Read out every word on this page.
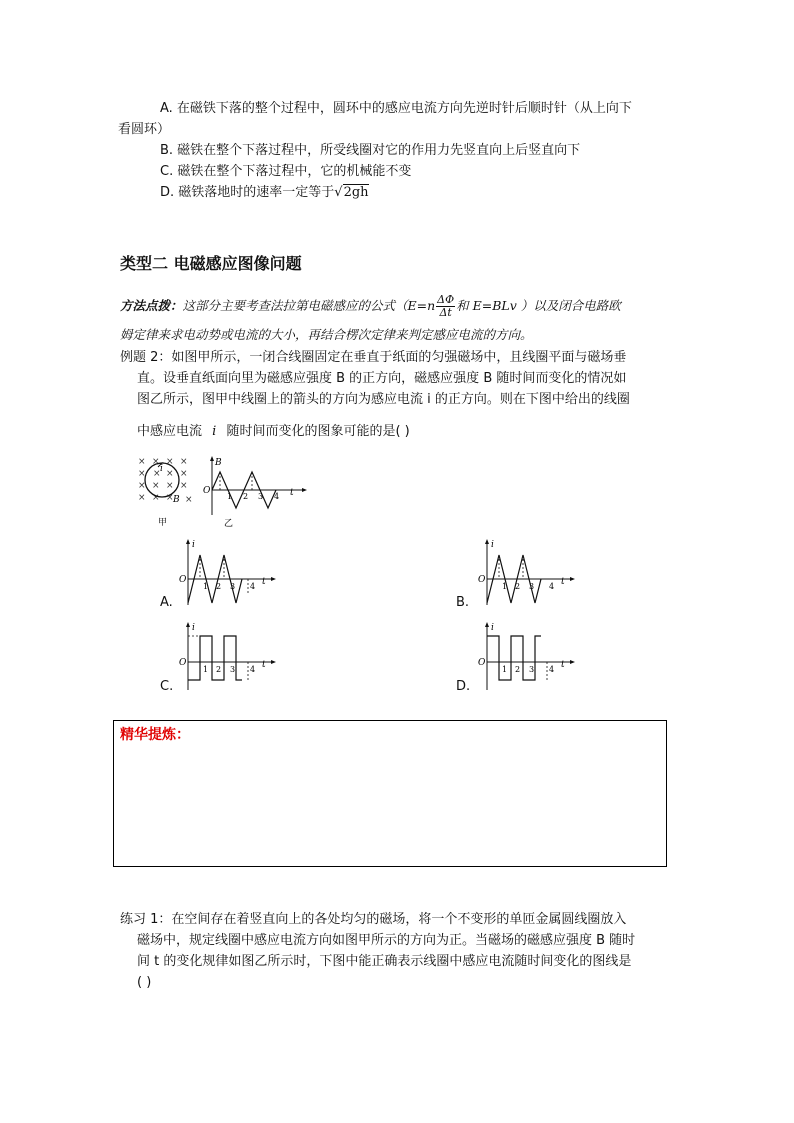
A. 在磁铁下落的整个过程中，圆环中的感应电流方向先逆时针后顺时针（从上向下
看圆环）
B. 磁铁在整个下落过程中，所受线圈对它的作用力先竖直向上后竖直向下
C. 磁铁在整个下落过程中，它的机械能不变
D. 磁铁落地时的速率一定等于√2gh
类型二 电磁感应图像问题
方法点拨：这部分主要考查法拉第电磁感应的公式（$E=n \frac{\Delta\Phi}{\Delta t}$ 和 E=BLv ）以及闭合电路欧
姆定律来求电动势或电流的大小，再结合楞次定律来判定感应电流的方向。
例题 2：如图甲所示，一闭合线圈固定在垂直于纸面的匀强磁场中，且线圈平面与磁场垂
直。设垂直纸面向里为磁感应强度 B 的正方向，磁感应强度 B 随时间而变化的情况如
图乙所示，图甲中线圈上的箭头的方向为感应电流 i 的正方向。则在下图中给出的线圈
中感应电流 i 随时间而变化的图象可能的是( )
× × × ×
× × × ×
× × × ×
× × × ×
i
B
甲
B
O
1 2 3 4 t
乙
i
O
1 2 3 4 t
A.
i
O
1 2 3 4 t
B.
i
O
1 2 3 4 t
C.
i
O
1 2 3 4 t
D.
精华提炼：
练习 1：在空间存在着竖直向上的各处均匀的磁场，将一个不变形的单匝金属圆线圈放入
磁场中，规定线圈中感应电流方向如图甲所示的方向为正。当磁场的磁感应强度 B 随时
间 t 的变化规律如图乙所示时，下图中能正确表示线圈中感应电流随时间变化的图线是
( )
